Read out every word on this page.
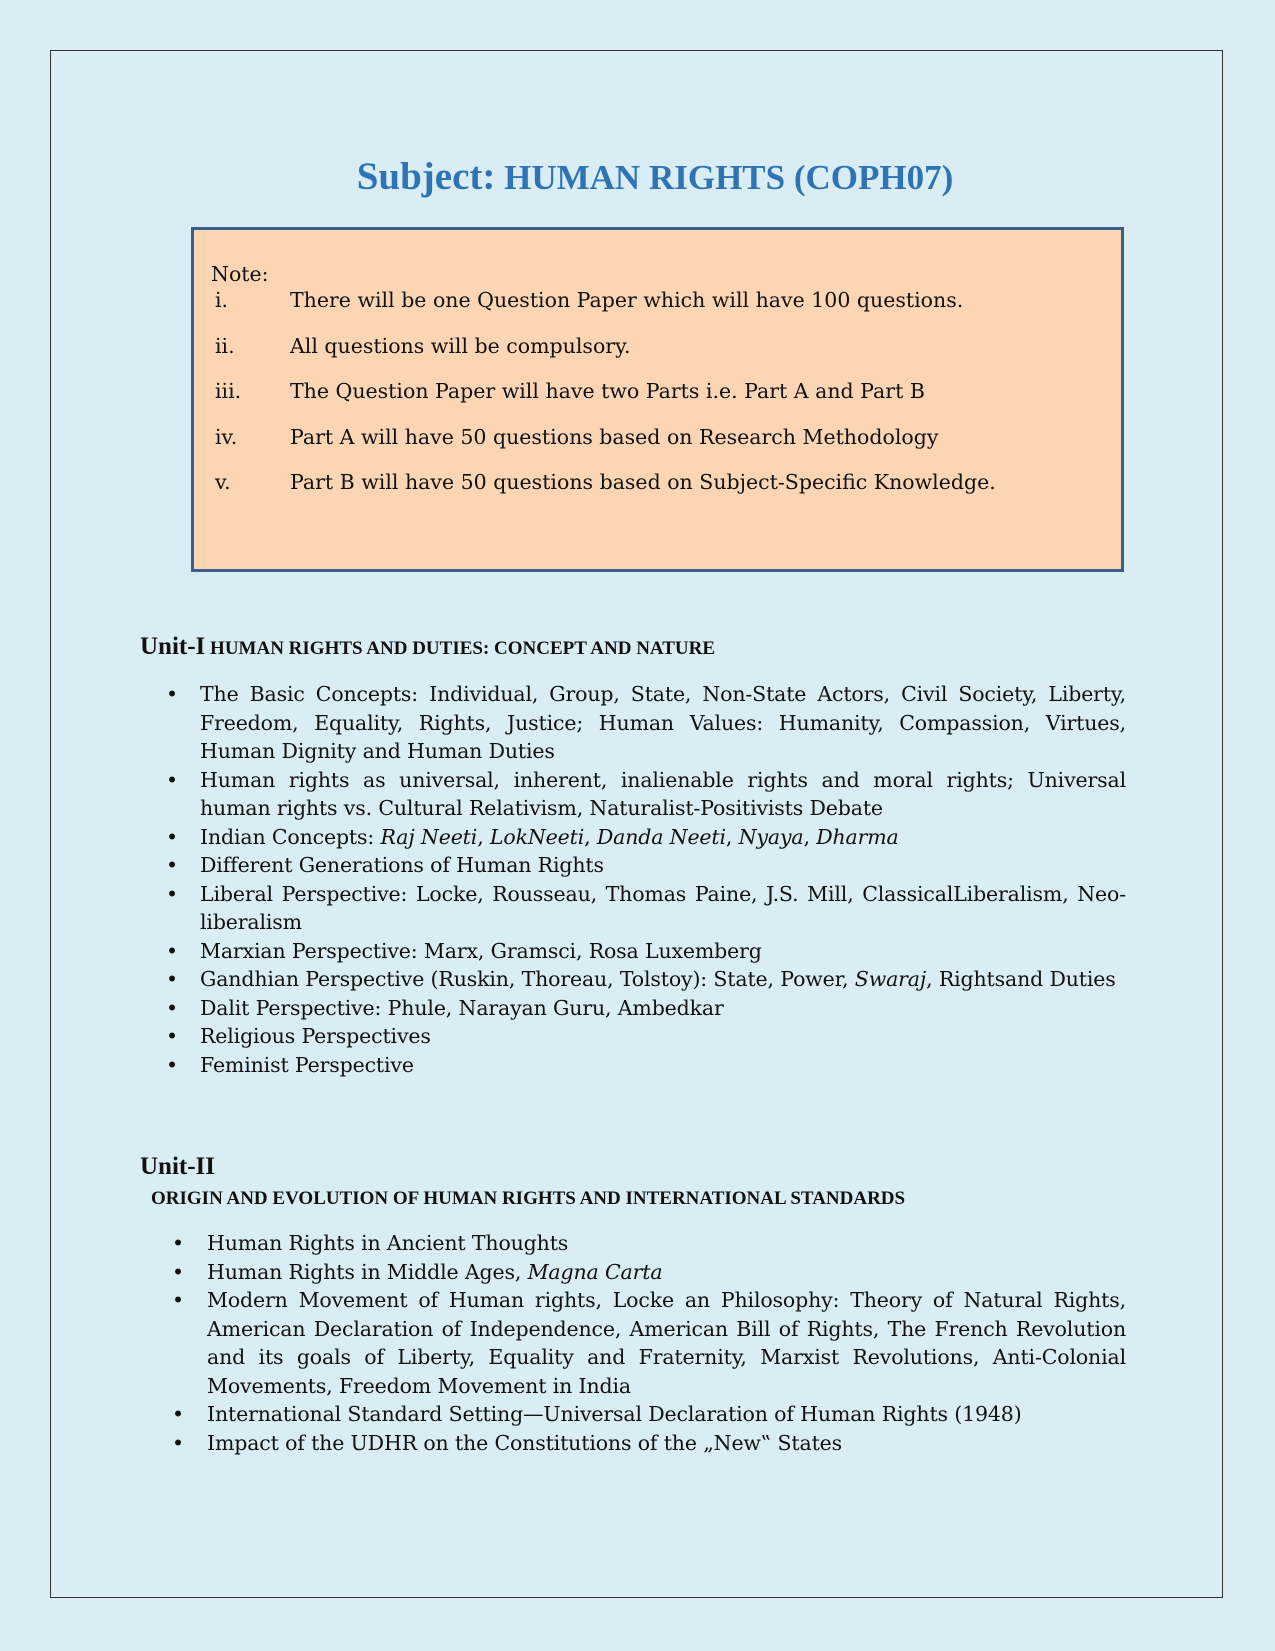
Subject: HUMAN RIGHTS (COPH07)
Note:
i.	There will be one Question Paper which will have 100 questions.
ii.	All questions will be compulsory.
iii. The Question Paper will have two Parts i.e. Part A and Part B
iv.	Part A will have 50 questions based on Research Methodology
v.	Part B will have 50 questions based on Subject-Specific Knowledge.
Unit-I HUMAN RIGHTS AND DUTIES: CONCEPT AND NATURE
• The Basic Concepts: Individual, Group, State, Non-State Actors, Civil Society, Liberty, Freedom, Equality, Rights, Justice; Human Values: Humanity, Compassion, Virtues, Human Dignity and Human Duties
• Human rights as universal, inherent, inalienable rights and moral rights; Universal human rights vs. Cultural Relativism, Naturalist-Positivists Debate
• Indian Concepts: Raj Neeti, LokNeeti, Danda Neeti, Nyaya, Dharma
• Different Generations of Human Rights
• Liberal Perspective: Locke, Rousseau, Thomas Paine, J.S. Mill, ClassicalLiberalism, Neo-liberalism
• Marxian Perspective: Marx, Gramsci, Rosa Luxemberg
• Gandhian Perspective (Ruskin, Thoreau, Tolstoy): State, Power, Swaraj, Rightsand Duties
• Dalit Perspective: Phule, Narayan Guru, Ambedkar
• Religious Perspectives
• Feminist Perspective
Unit-II
ORIGIN AND EVOLUTION OF HUMAN RIGHTS AND INTERNATIONAL STANDARDS
• Human Rights in Ancient Thoughts
• Human Rights in Middle Ages, Magna Carta
• Modern Movement of Human rights, Locke an Philosophy: Theory of Natural Rights, American Declaration of Independence, American Bill of Rights, The French Revolution and its goals of Liberty, Equality and Fraternity, Marxist Revolutions, Anti-Colonial Movements, Freedom Movement in India
• International Standard Setting—Universal Declaration of Human Rights (1948)
• Impact of the UDHR on the Constitutions of the „New‟ States
